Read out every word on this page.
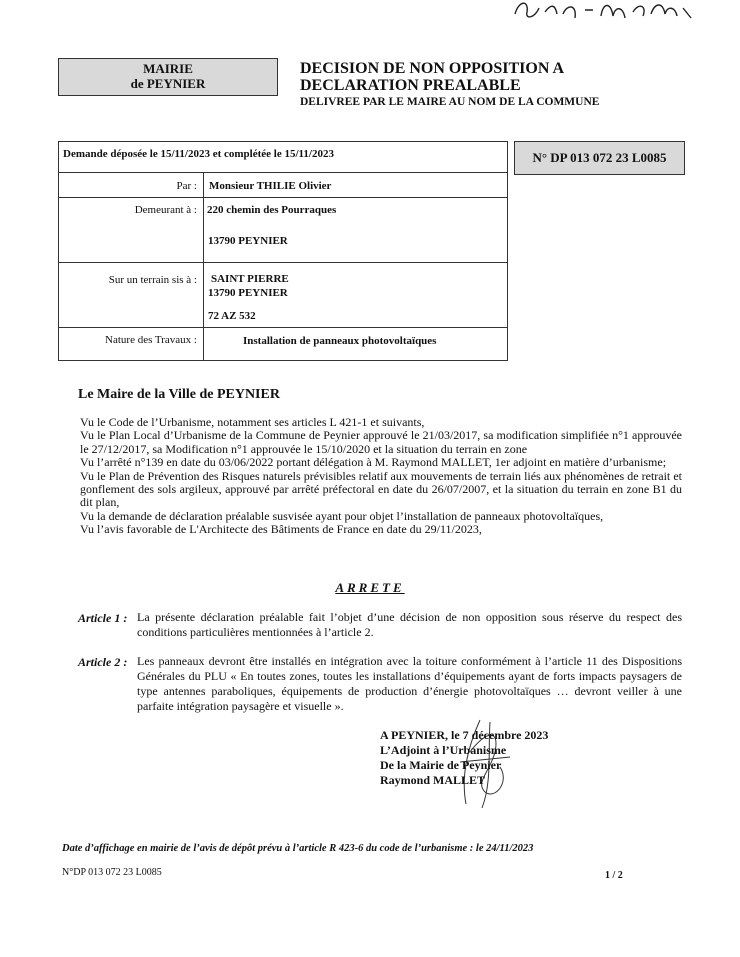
MAIRIE
de PEYNIER
DECISION DE NON OPPOSITION A
DECLARATION PREALABLE
DELIVREE PAR LE MAIRE AU NOM DE LA COMMUNE
Demande déposée le 15/11/2023 et complétée le 15/11/2023
Par : Monsieur THILIE Olivier
Demeurant à : 220 chemin des Pourraques
13790 PEYNIER
Sur un terrain sis à : SAINT PIERRE
13790 PEYNIER
72 AZ 532
Nature des Travaux :	Installation de panneaux photovoltaïques
N° DP 013 072 23 L0085
Le Maire de la Ville de PEYNIER

Vu le Code de l’Urbanisme, notamment ses articles L 421-1 et suivants,

Vu le Plan Local d’Urbanisme de la Commune de Peynier approuvé le 21/03/2017, sa modification simplifiée n°1 approuvée le 27/12/2017, sa Modification n°1 approuvée le 15/10/2020 et la situation du terrain en zone

Vu l’arrêté n°139 en date du 03/06/2022 portant délégation à M. Raymond MALLET, 1er adjoint en matière d’urbanisme;

Vu le Plan de Prévention des Risques naturels prévisibles relatif aux mouvements de terrain liés aux phénomènes de retrait et gonflement des sols argileux, approuvé par arrêté préfectoral en date du 26/07/2007, et la situation du terrain en zone B1 du dit plan,

Vu la demande de déclaration préalable susvisée ayant pour objet l’installation de panneaux photovoltaïques,

Vu l’avis favorable de L'Architecte des Bâtiments de France en date du 29/11/2023,

ARRETE
Article 1 : La présente déclaration préalable fait l’objet d’une décision de non opposition sous réserve du respect des conditions particulières mentionnées à l’article 2.
Article 2 : Les panneaux devront être installés en intégration avec la toiture conformément à l’article 11 des Dispositions Générales du PLU « En toutes zones, toutes les installations d’équipements ayant de forts impacts paysagers de type antennes paraboliques, équipements de production d’énergie photovoltaïques … devront veiller à une parfaite intégration paysagère et visuelle ».
A PEYNIER, le 7 décembre 2023
L’Adjoint à l’Urbanisme
De la Mairie de Peynier
Raymond MALLET
Date d’affichage en mairie de l’avis de dépôt prévu à l’article R 423-6 du code de l’urbanisme : le 24/11/2023
N°DP 013 072 23 L0085	1 / 2
